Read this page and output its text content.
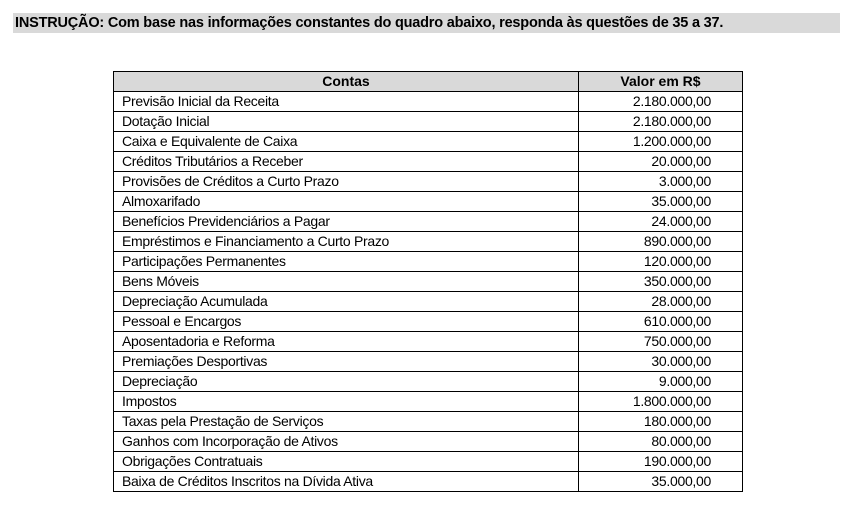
INSTRUÇÃO: Com base nas informações constantes do quadro abaixo, responda às questões de 35 a 37.
Contas	Valor em R$
Previsão Inicial da Receita	2.180.000,00
Dotação Inicial	2.180.000,00
Caixa e Equivalente de Caixa	1.200.000,00
Créditos Tributários a Receber	20.000,00
Provisões de Créditos a Curto Prazo	3.000,00
Almoxarifado	35.000,00
Benefícios Previdenciários a Pagar	24.000,00
Empréstimos e Financiamento a Curto Prazo	890.000,00
Participações Permanentes	120.000,00
Bens Móveis	350.000,00
Depreciação Acumulada	28.000,00
Pessoal e Encargos	610.000,00
Aposentadoria e Reforma	750.000,00
Premiações Desportivas	30.000,00
Depreciação	9.000,00
Impostos	1.800.000,00
Taxas pela Prestação de Serviços	180.000,00
Ganhos com Incorporação de Ativos	80.000,00
Obrigações Contratuais	190.000,00
Baixa de Créditos Inscritos na Dívida Ativa	35.000,00
